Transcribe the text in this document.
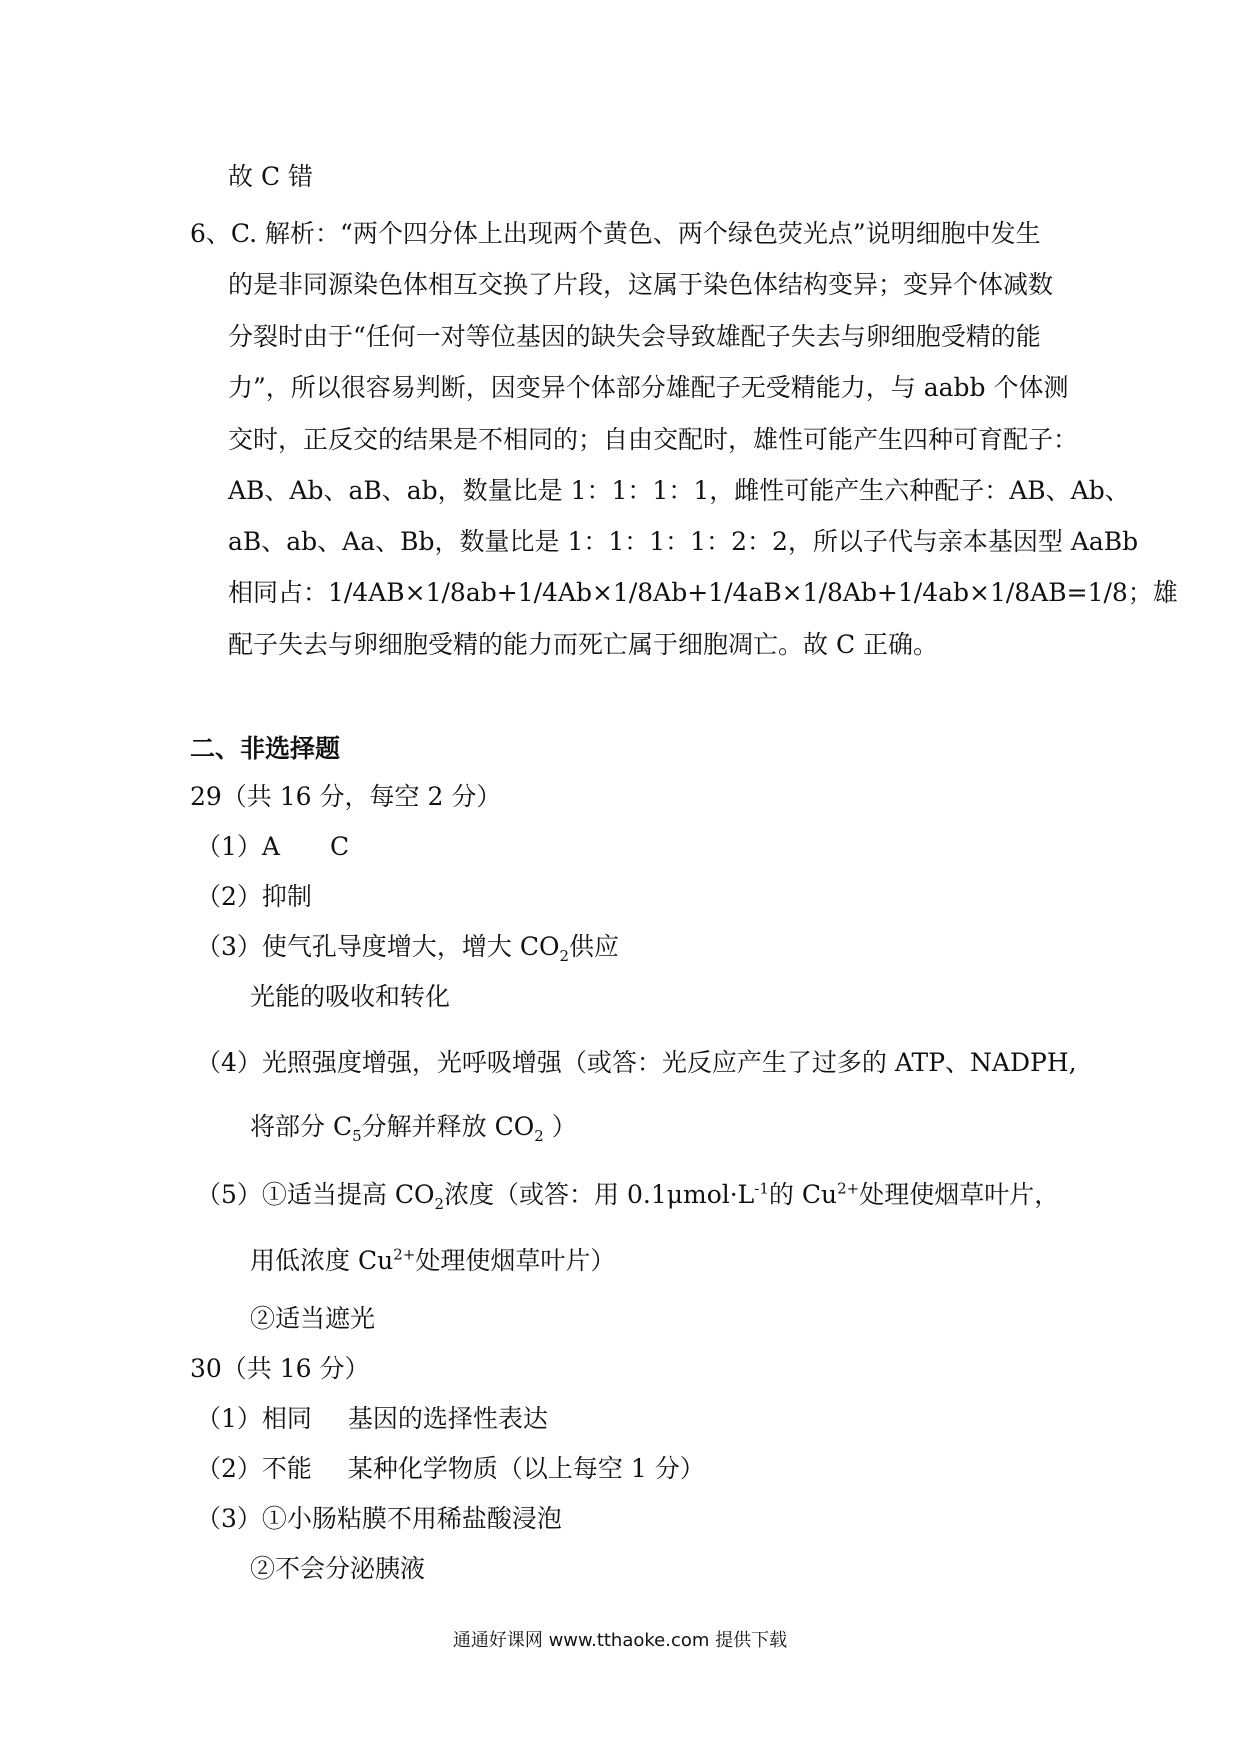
故 C 错
6、C. 解析：“两个四分体上出现两个黄色、两个绿色荧光点”说明细胞中发生
的是非同源染色体相互交换了片段，这属于染色体结构变异；变异个体减数
分裂时由于“任何一对等位基因的缺失会导致雄配子失去与卵细胞受精的能
力”，所以很容易判断，因变异个体部分雄配子无受精能力，与 aabb 个体测
交时，正反交的结果是不相同的；自由交配时，雄性可能产生四种可育配子：
AB、Ab、aB、ab，数量比是 1：1：1：1，雌性可能产生六种配子：AB、Ab、
aB、ab、Aa、Bb，数量比是 1：1：1：1：2：2，所以子代与亲本基因型 AaBb
相同占：1/4AB×1/8ab+1/4Ab×1/8Ab+1/4aB×1/8Ab+1/4ab×1/8AB=1/8；雄
配子失去与卵细胞受精的能力而死亡属于细胞凋亡。故 C 正确。
二、非选择题
29（共 16 分，每空 2 分）
（1）A C
（2）抑制
（3）使气孔导度增大，增大 $CO_2$供应
光能的吸收和转化
（4）光照强度增强，光呼吸增强（或答：光反应产生了过多的 ATP、NADPH,
将部分 $C_5$分解并释放 $CO_2$ ）
（5）①适当提高 $CO_2$浓度（或答：用 $0.1\mu mol\cdot L^{-1}$的 $Cu^{2+}$处理使烟草叶片，
用低浓度 $Cu^{2+}$处理使烟草叶片）
②适当遮光
30（共 16 分）
（1）相同 基因的选择性表达
（2）不能 某种化学物质（以上每空 1 分）
（3）①小肠粘膜不用稀盐酸浸泡
②不会分泌胰液
通通好课网 www.tthaoke.com 提供下载
